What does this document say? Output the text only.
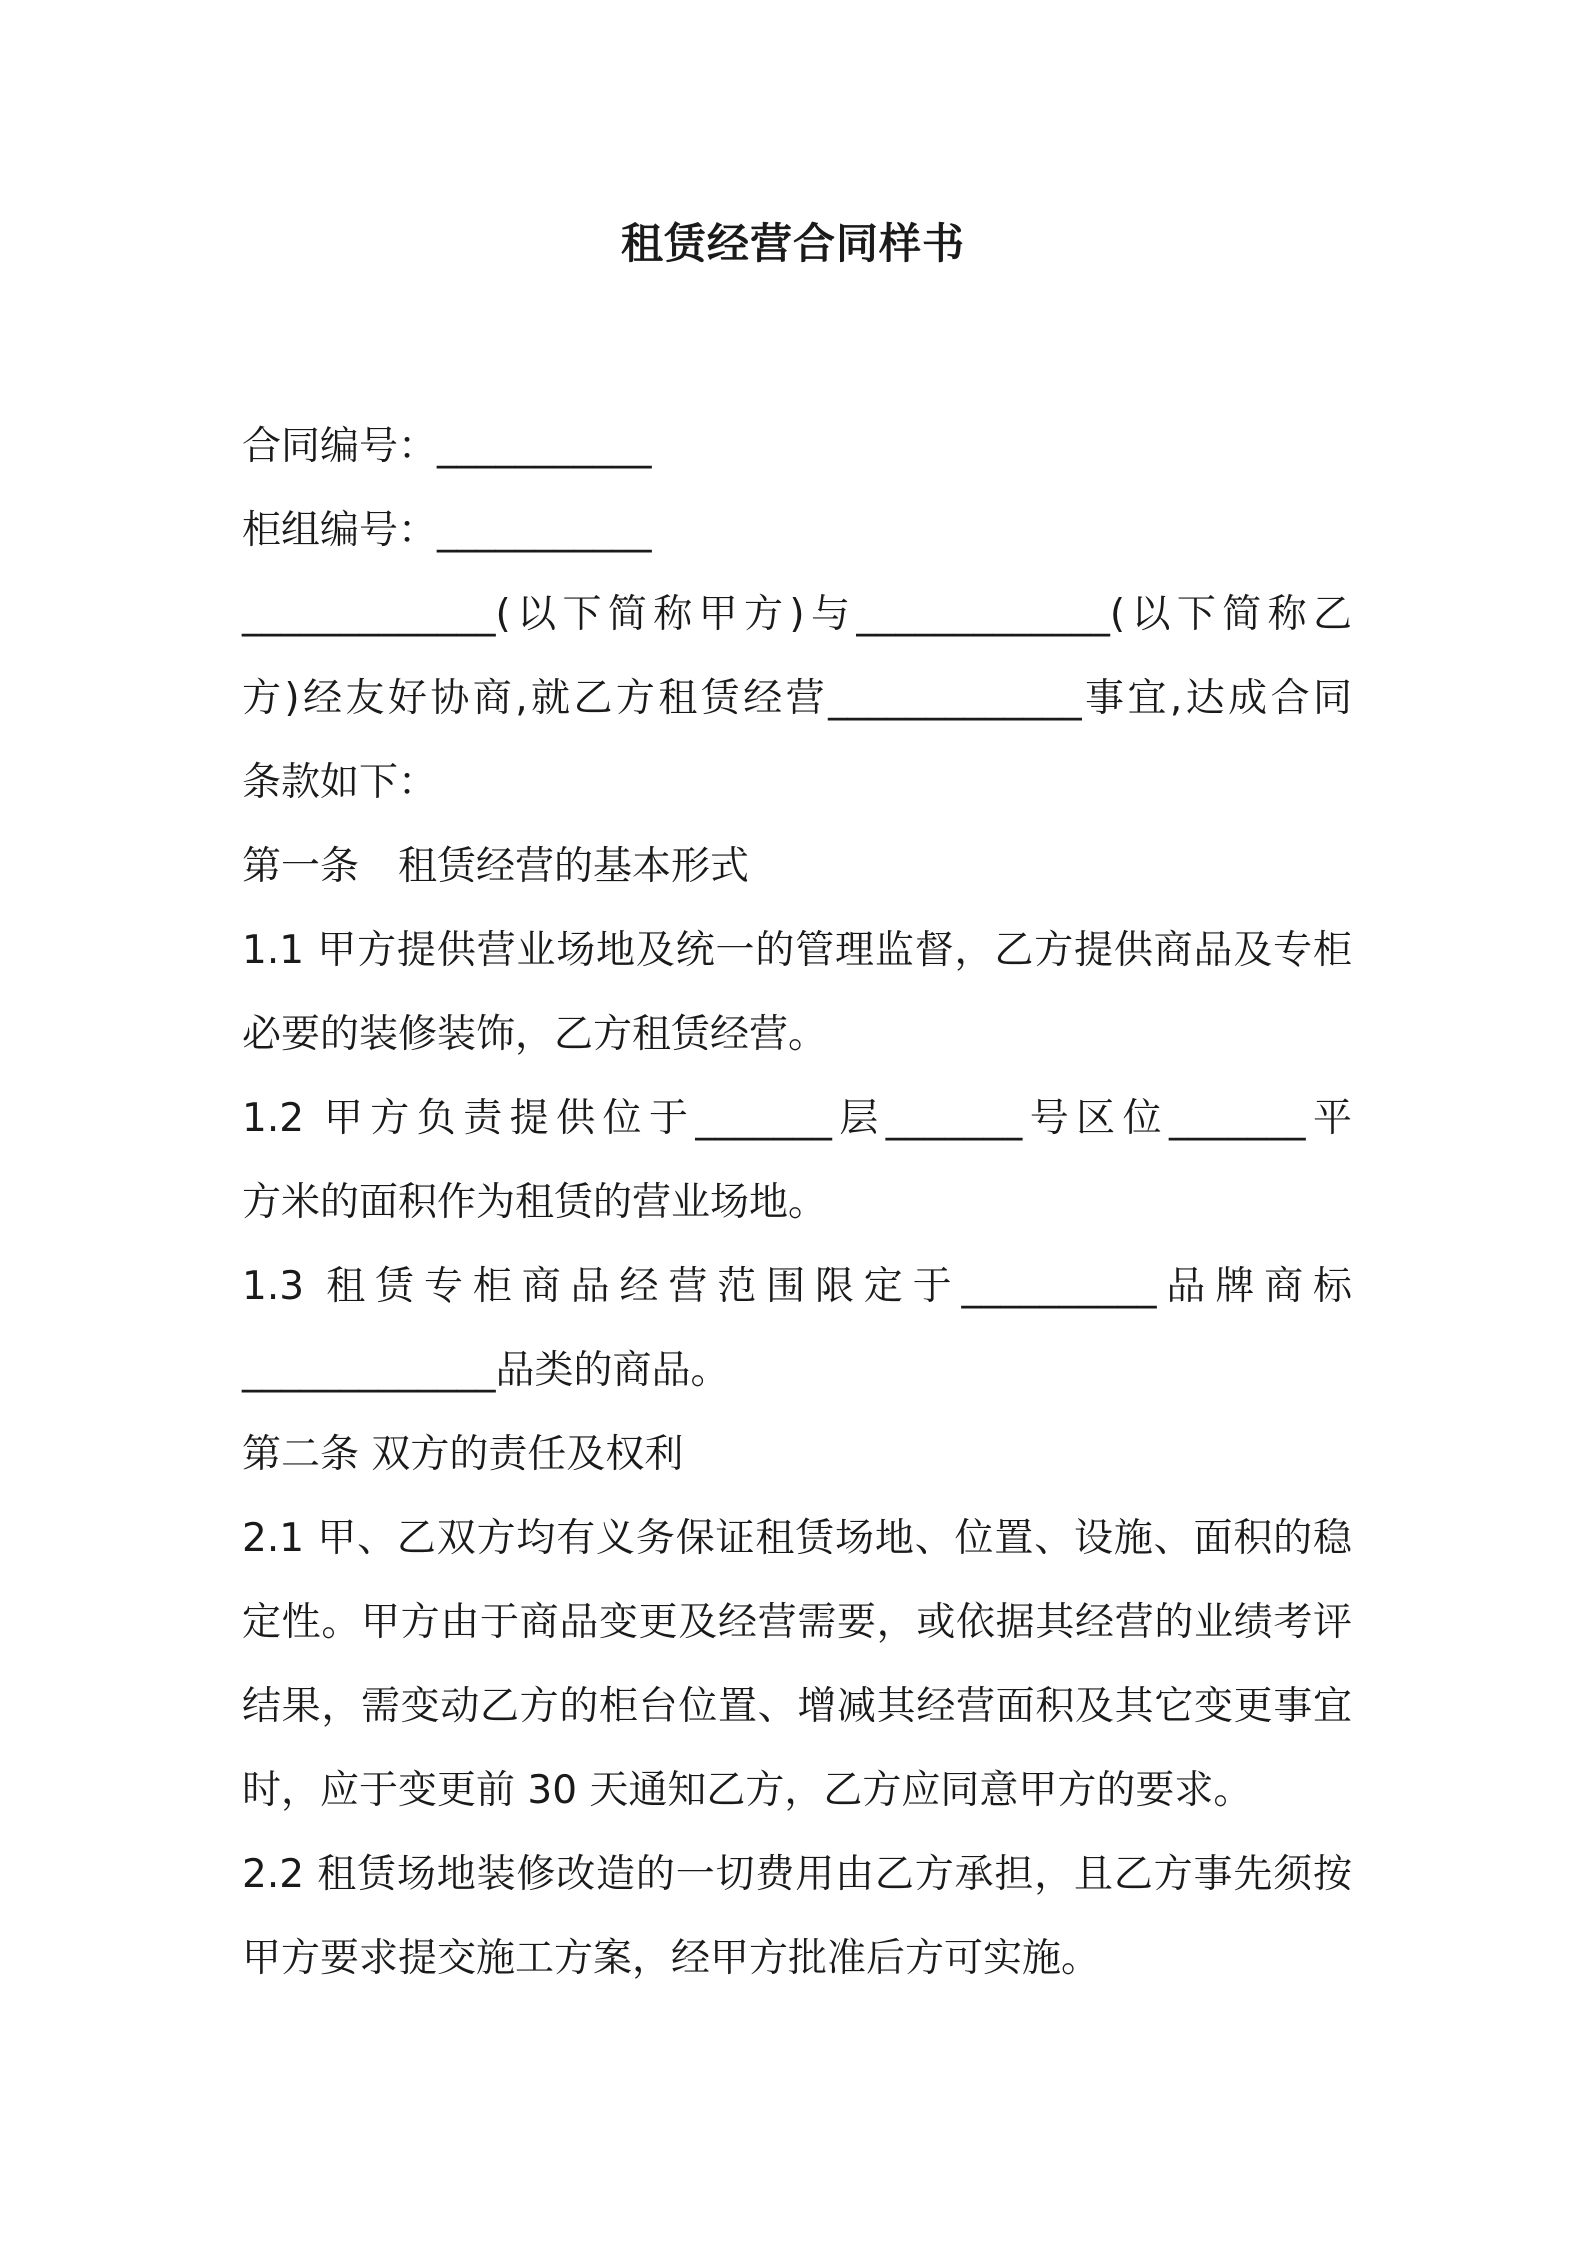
租赁经营合同样书
合同编号：___________
柜组编号：___________
_____________(以下简称甲方)与_____________(以下简称乙
方)经友好协商,就乙方租赁经营_____________事宜,达成合同
条款如下：
第一条　租赁经营的基本形式
1.1 甲方提供营业场地及统一的管理监督，乙方提供商品及专柜
必要的装修装饰，乙方租赁经营。
1.2 甲方负责提供位于_______层_______号区位_______平
方米的面积作为租赁的营业场地。
1.3 租赁专柜商品经营范围限定于__________品牌商标
_____________品类的商品。
第二条 双方的责任及权利
2.1 甲、乙双方均有义务保证租赁场地、位置、设施、面积的稳
定性。甲方由于商品变更及经营需要，或依据其经营的业绩考评
结果，需变动乙方的柜台位置、增减其经营面积及其它变更事宜
时，应于变更前 30 天通知乙方，乙方应同意甲方的要求。
2.2 租赁场地装修改造的一切费用由乙方承担，且乙方事先须按
甲方要求提交施工方案，经甲方批准后方可实施。
